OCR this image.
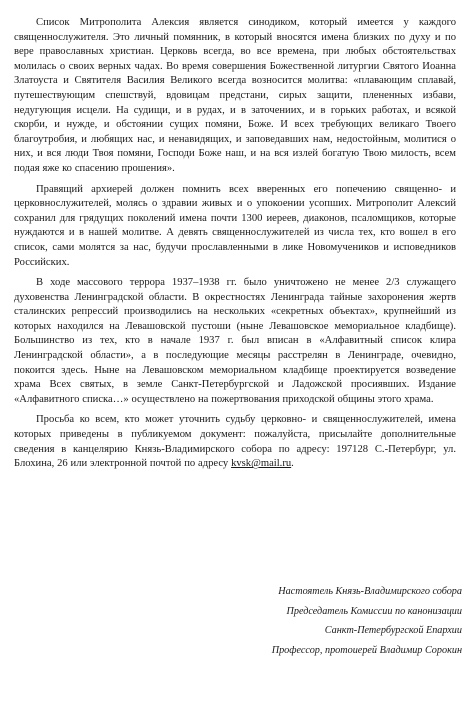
Список Митрополита Алексия является синодиком, который имеется у каждого священнослужителя. Это личный помянник, в который вносятся имена близких по духу и по вере православных христиан. Церковь всегда, во все времена, при любых обстоятельствах молилась о своих верных чадах. Во время совершения Божественной литургии Святого Иоанна Златоуста и Святителя Василия Великого всегда возносится молитва: «плавающим сплавай, путешествующим спешствуй, вдовицам предстани, сирых защити, плененных избави, недугующия исцели. На судищи, и в рудах, и в заточениих, и в горьких работах, и всякой скорби, и нужде, и обстоянии сущих помяни, Боже. И всех требующих великаго Твоего благоутробия, и любящих нас, и ненавидящих, и заповедавших нам, недостойным, молитися о них, и вся люди Твоя помяни, Господи Боже наш, и на вся излей богатую Твою милость, всем подая яже ко спасению прошения».

Правящий архиерей должен помнить всех вверенных его попечению священно- и церковнослужителей, молясь о здравии живых и о упокоении усопших. Митрополит Алексий сохранил для грядущих поколений имена почти 1300 иереев, диаконов, псаломщиков, которые нуждаются и в нашей молитве. А девять священнослужителей из числа тех, кто вошел в его список, сами молятся за нас, будучи прославленными в лике Новомучеников и исповедников Российских.

В ходе массового террора 1937–1938 гг. было уничтожено не менее 2/3 служащего духовенства Ленинградской области. В окрестностях Ленинграда тайные захоронения жертв сталинских репрессий производились на нескольких «секретных объектах», крупнейший из которых находился на Левашовской пустоши (ныне Левашовское мемориальное кладбище). Большинство из тех, кто в начале 1937 г. был вписан в «Алфавитный список клира Ленинградской области», а в последующие месяцы расстрелян в Ленинграде, очевидно, покоится здесь. Ныне на Левашовском мемориальном кладбище проектируется возведение храма Всех святых, в земле Санкт-Петербургской и Ладожской просиявших. Издание «Алфавитного списка…» осуществлено на пожертвования приходской общины этого храма.

Просьба ко всем, кто может уточнить судьбу церковно- и священнослужителей, имена которых приведены в публикуемом документ: пожалуйста, присылайте дополнительные сведения в канцелярию Князь-Владимирского собора по адресу: 197128 С.-Петербург, ул. Блохина, 26 или электронной почтой по адресу kvsk@mail.ru.

Настоятель Князь-Владимирского собора
Председатель Комиссии по канонизации
Санкт-Петербургской Епархии
Профессор, протоиерей Владимир Сорокин
